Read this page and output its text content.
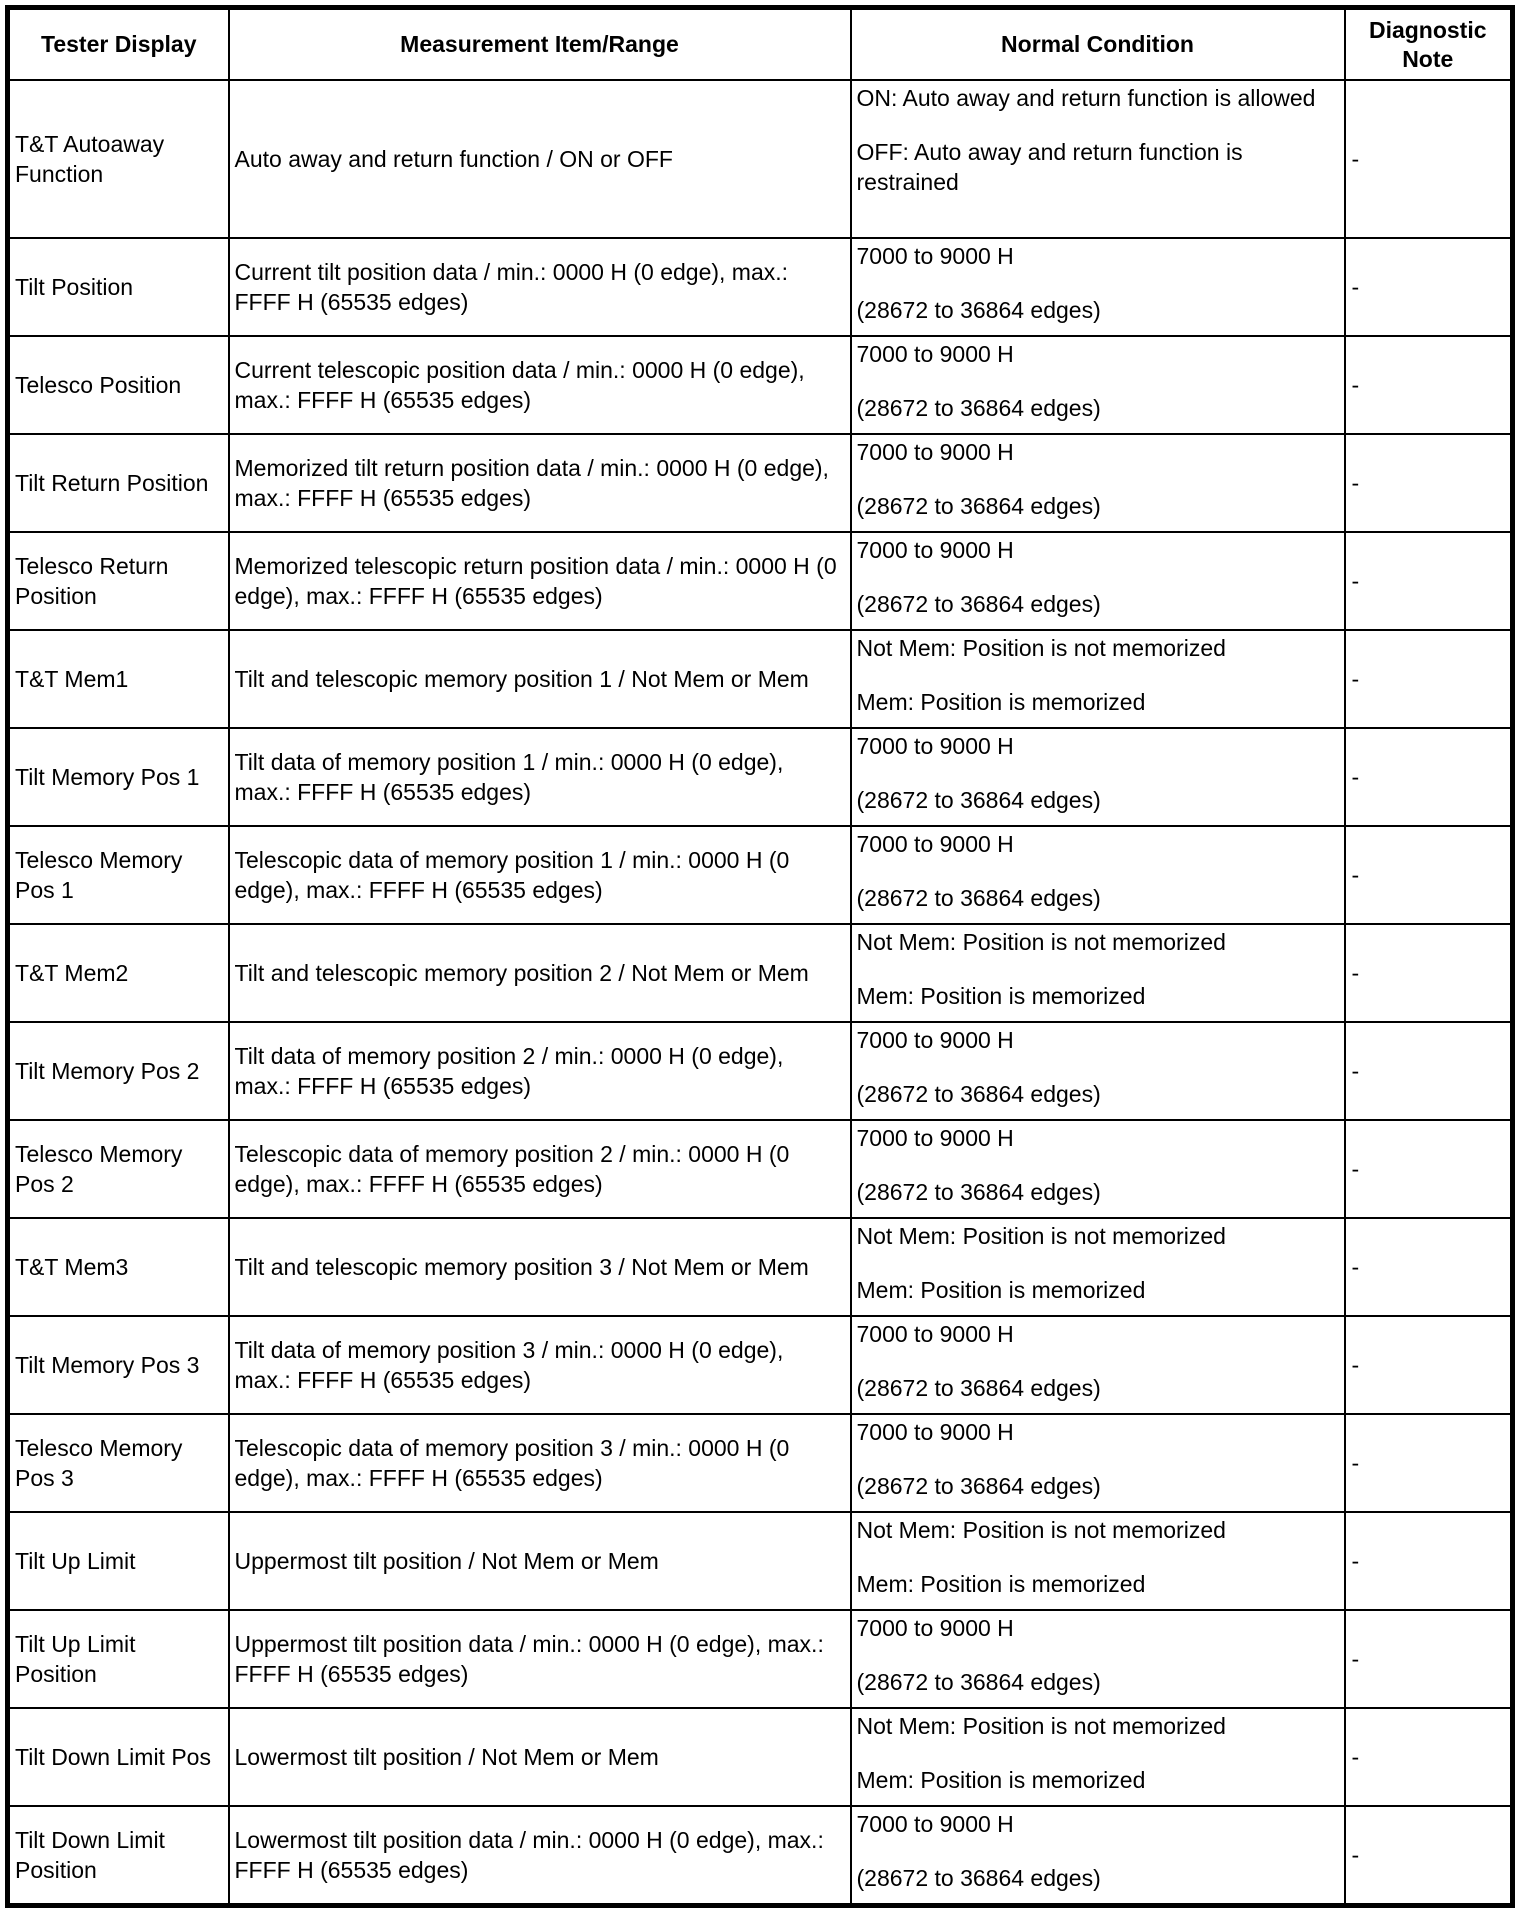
Tester Display	Measurement Item/Range	Normal Condition	Diagnostic Note
T&T Autoaway Function	Auto away and return function / ON or OFF	ON: Auto away and return function is allowed

OFF: Auto away and return function is restrained	-
Tilt Position	Current tilt position data / min.: 0000 H (0 edge), max.: FFFF H (65535 edges)	7000 to 9000 H

(28672 to 36864 edges)	-
Telesco Position	Current telescopic position data / min.: 0000 H (0 edge), max.: FFFF H (65535 edges)	7000 to 9000 H

(28672 to 36864 edges)	-
Tilt Return Position	Memorized tilt return position data / min.: 0000 H (0 edge), max.: FFFF H (65535 edges)	7000 to 9000 H

(28672 to 36864 edges)	-
Telesco Return Position	Memorized telescopic return position data / min.: 0000 H (0 edge), max.: FFFF H (65535 edges)	7000 to 9000 H

(28672 to 36864 edges)	-
T&T Mem1	Tilt and telescopic memory position 1 / Not Mem or Mem	Not Mem: Position is not memorized

Mem: Position is memorized	-
Tilt Memory Pos 1	Tilt data of memory position 1 / min.: 0000 H (0 edge), max.: FFFF H (65535 edges)	7000 to 9000 H

(28672 to 36864 edges)	-
Telesco Memory Pos 1	Telescopic data of memory position 1 / min.: 0000 H (0 edge), max.: FFFF H (65535 edges)	7000 to 9000 H

(28672 to 36864 edges)	-
T&T Mem2	Tilt and telescopic memory position 2 / Not Mem or Mem	Not Mem: Position is not memorized

Mem: Position is memorized	-
Tilt Memory Pos 2	Tilt data of memory position 2 / min.: 0000 H (0 edge), max.: FFFF H (65535 edges)	7000 to 9000 H

(28672 to 36864 edges)	-
Telesco Memory Pos 2	Telescopic data of memory position 2 / min.: 0000 H (0 edge), max.: FFFF H (65535 edges)	7000 to 9000 H

(28672 to 36864 edges)	-
T&T Mem3	Tilt and telescopic memory position 3 / Not Mem or Mem	Not Mem: Position is not memorized

Mem: Position is memorized	-
Tilt Memory Pos 3	Tilt data of memory position 3 / min.: 0000 H (0 edge), max.: FFFF H (65535 edges)	7000 to 9000 H

(28672 to 36864 edges)	-
Telesco Memory Pos 3	Telescopic data of memory position 3 / min.: 0000 H (0 edge), max.: FFFF H (65535 edges)	7000 to 9000 H

(28672 to 36864 edges)	-
Tilt Up Limit	Uppermost tilt position / Not Mem or Mem	Not Mem: Position is not memorized

Mem: Position is memorized	-
Tilt Up Limit Position	Uppermost tilt position data / min.: 0000 H (0 edge), max.: FFFF H (65535 edges)	7000 to 9000 H

(28672 to 36864 edges)	-
Tilt Down Limit Pos	Lowermost tilt position / Not Mem or Mem	Not Mem: Position is not memorized

Mem: Position is memorized	-
Tilt Down Limit Position	Lowermost tilt position data / min.: 0000 H (0 edge), max.: FFFF H (65535 edges)	7000 to 9000 H

(28672 to 36864 edges)	-
